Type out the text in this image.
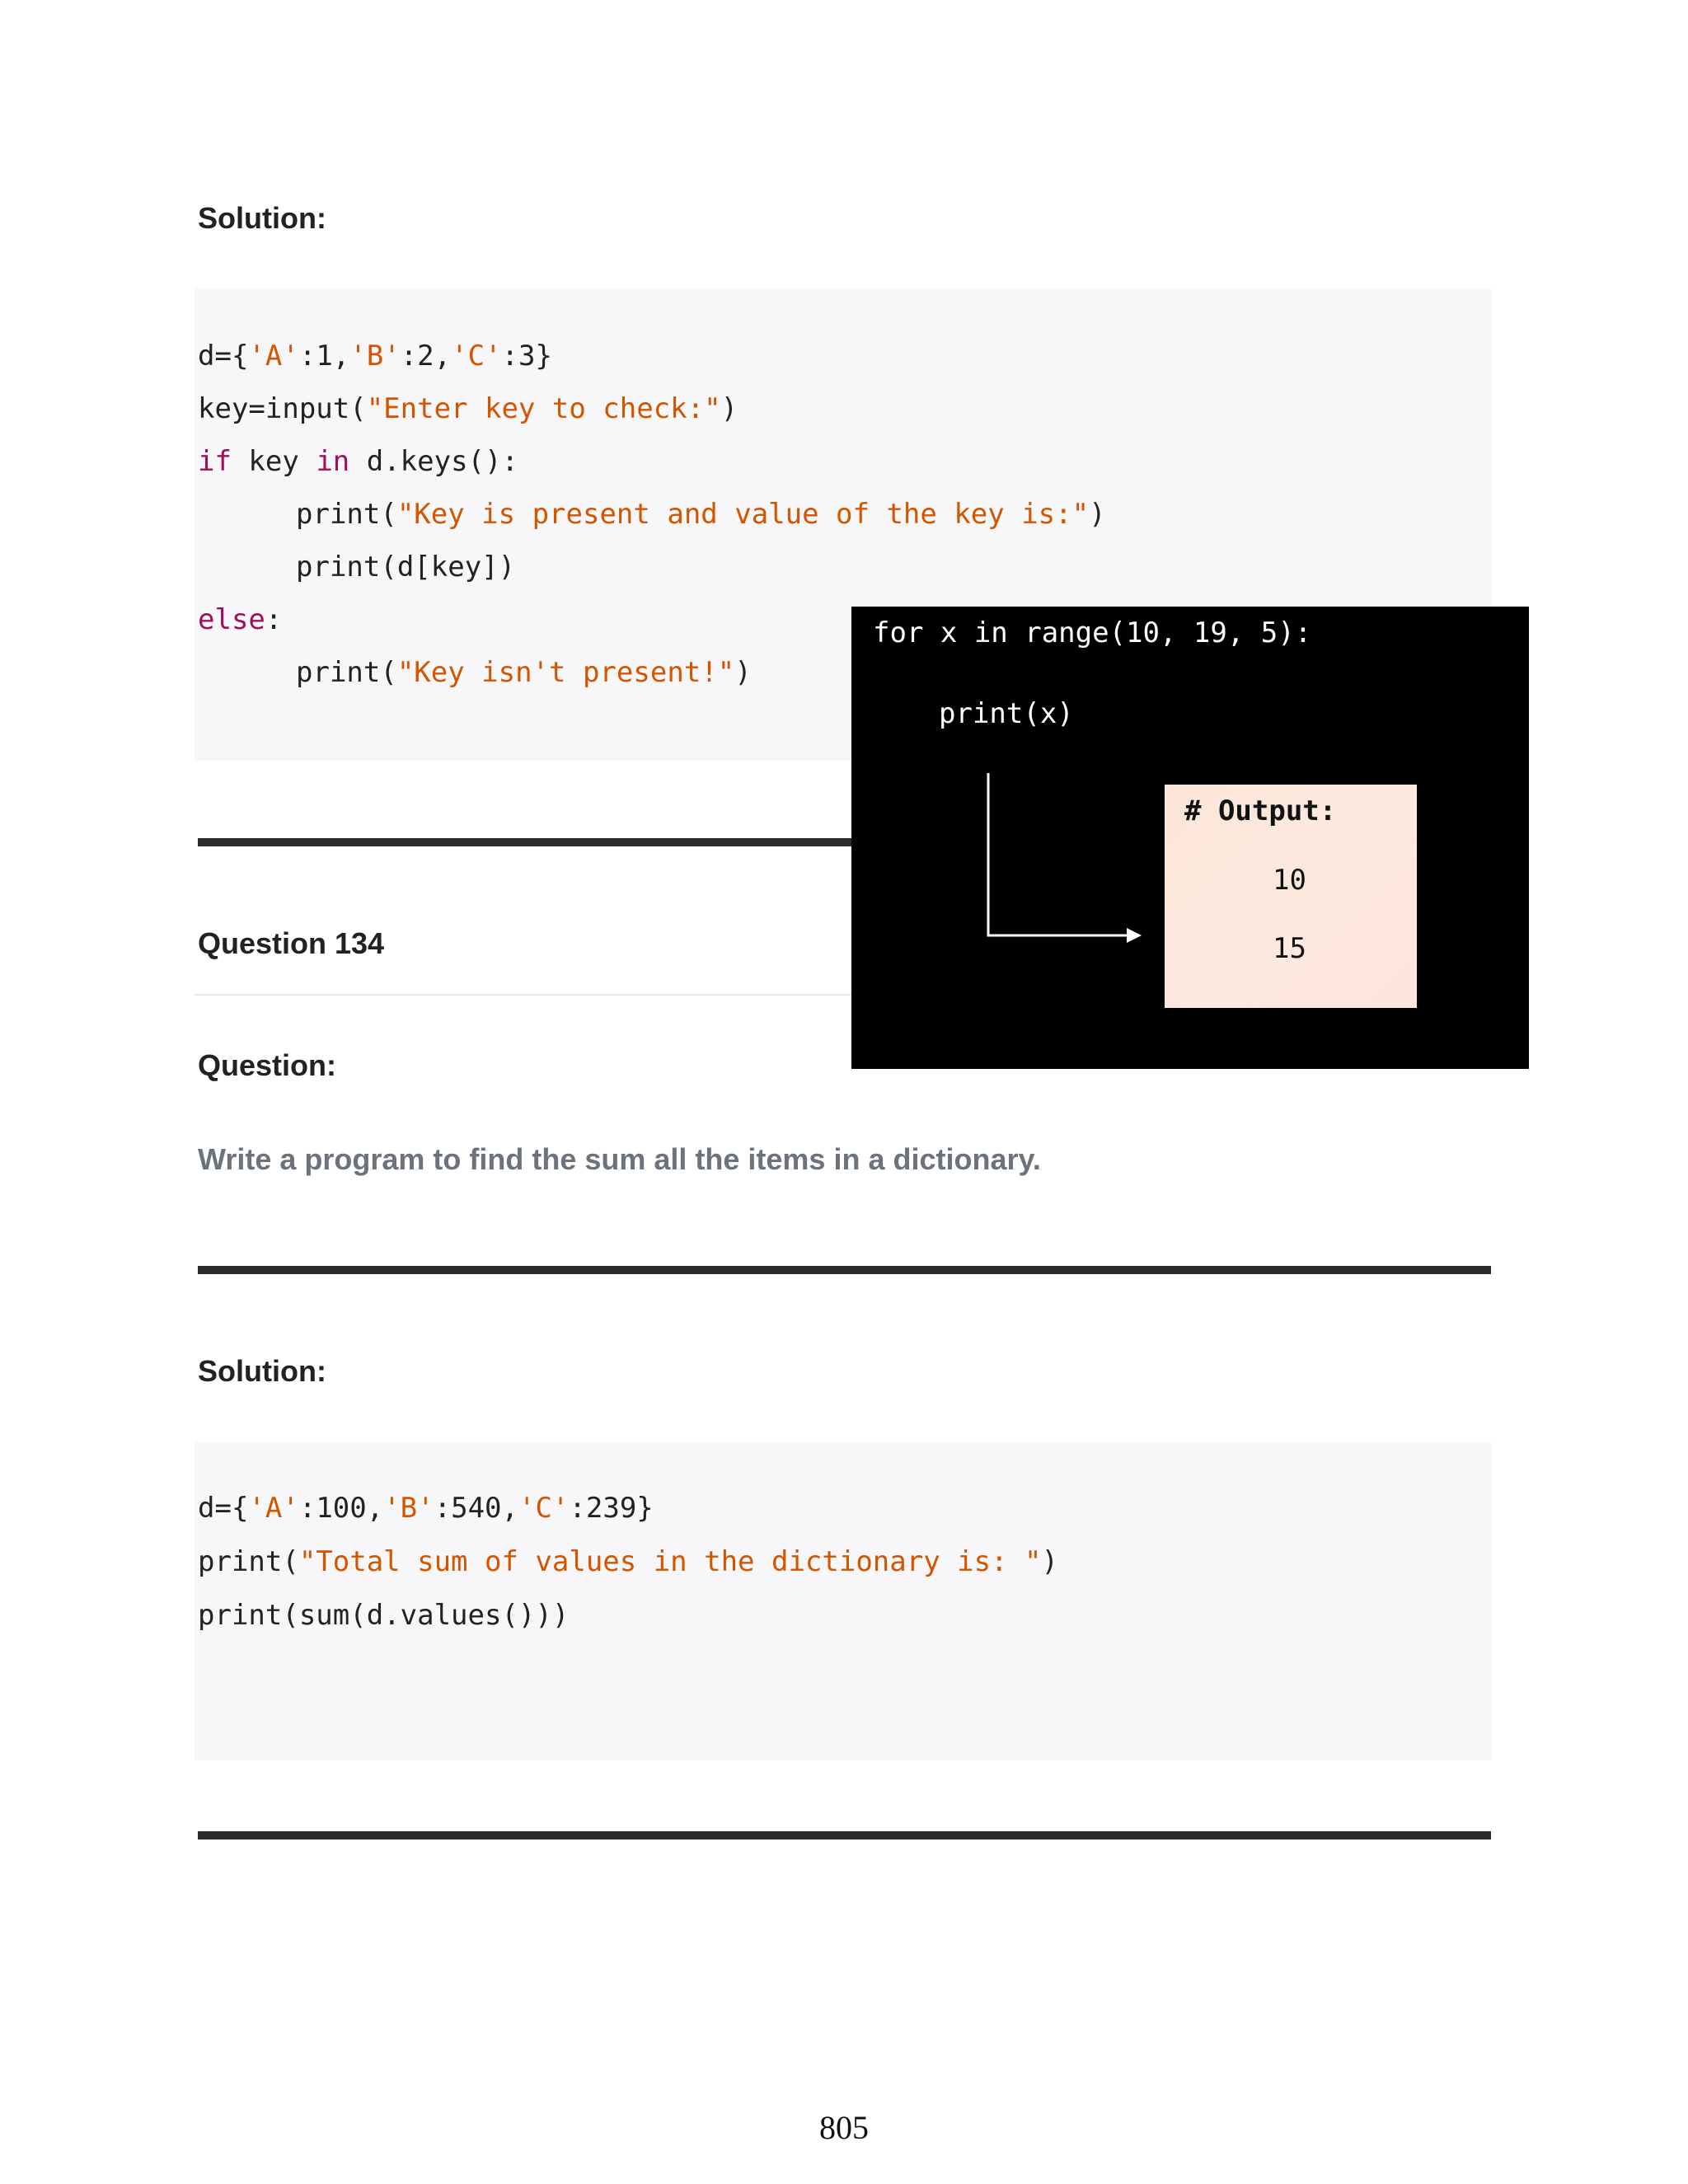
Solution:
d={'A':1,'B':2,'C':3}
key=input("Enter key to check:")
if key in d.keys():
print("Key is present and value of the key is:")
print(d[key])
else:
print("Key isn't present!")
Question 134
Question:
Write a program to find the sum all the items in a dictionary.
Solution:
d={'A':100,'B':540,'C':239}
print("Total sum of values in the dictionary is: ")
print(sum(d.values()))
for x in range(10, 19, 5):
print(x)
# Output:
10
15
805
